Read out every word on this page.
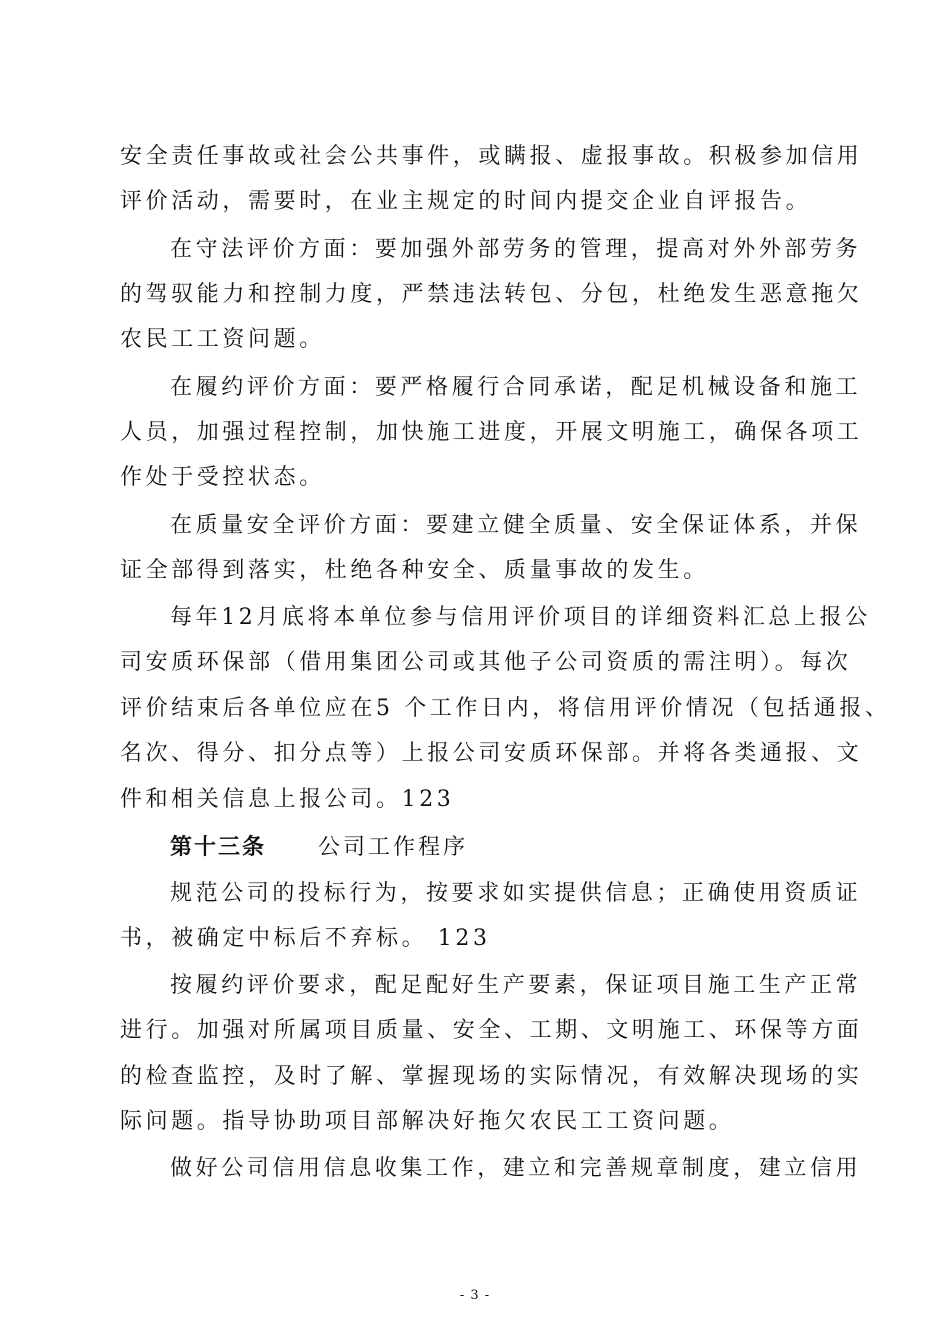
安全责任事故或社会公共事件，或瞒报、虚报事故。积极参加信用
评价活动，需要时，在业主规定的时间内提交企业自评报告。
在守法评价方面：要加强外部劳务的管理，提高对外外部劳务
的驾驭能力和控制力度，严禁违法转包、分包，杜绝发生恶意拖欠
农民工工资问题。
在履约评价方面：要严格履行合同承诺，配足机械设备和施工
人员，加强过程控制，加快施工进度，开展文明施工，确保各项工
作处于受控状态。
在质量安全评价方面：要建立健全质量、安全保证体系，并保
证全部得到落实，杜绝各种安全、质量事故的发生。
每年12月底将本单位参与信用评价项目的详细资料汇总上报公
司安质环保部（借用集团公司或其他子公司资质的需注明）。每次
评价结束后各单位应在5 个工作日内，将信用评价情况（包括通报、
名次、得分、扣分点等）上报公司安质环保部。并将各类通报、文
件和相关信息上报公司。123
第十三条 公司工作程序
规范公司的投标行为，按要求如实提供信息；正确使用资质证
书，被确定中标后不弃标。 123
按履约评价要求，配足配好生产要素，保证项目施工生产正常
进行。加强对所属项目质量、安全、工期、文明施工、环保等方面
的检查监控，及时了解、掌握现场的实际情况，有效解决现场的实
际问题。指导协助项目部解决好拖欠农民工工资问题。
做好公司信用信息收集工作，建立和完善规章制度，建立信用
- 3 -
